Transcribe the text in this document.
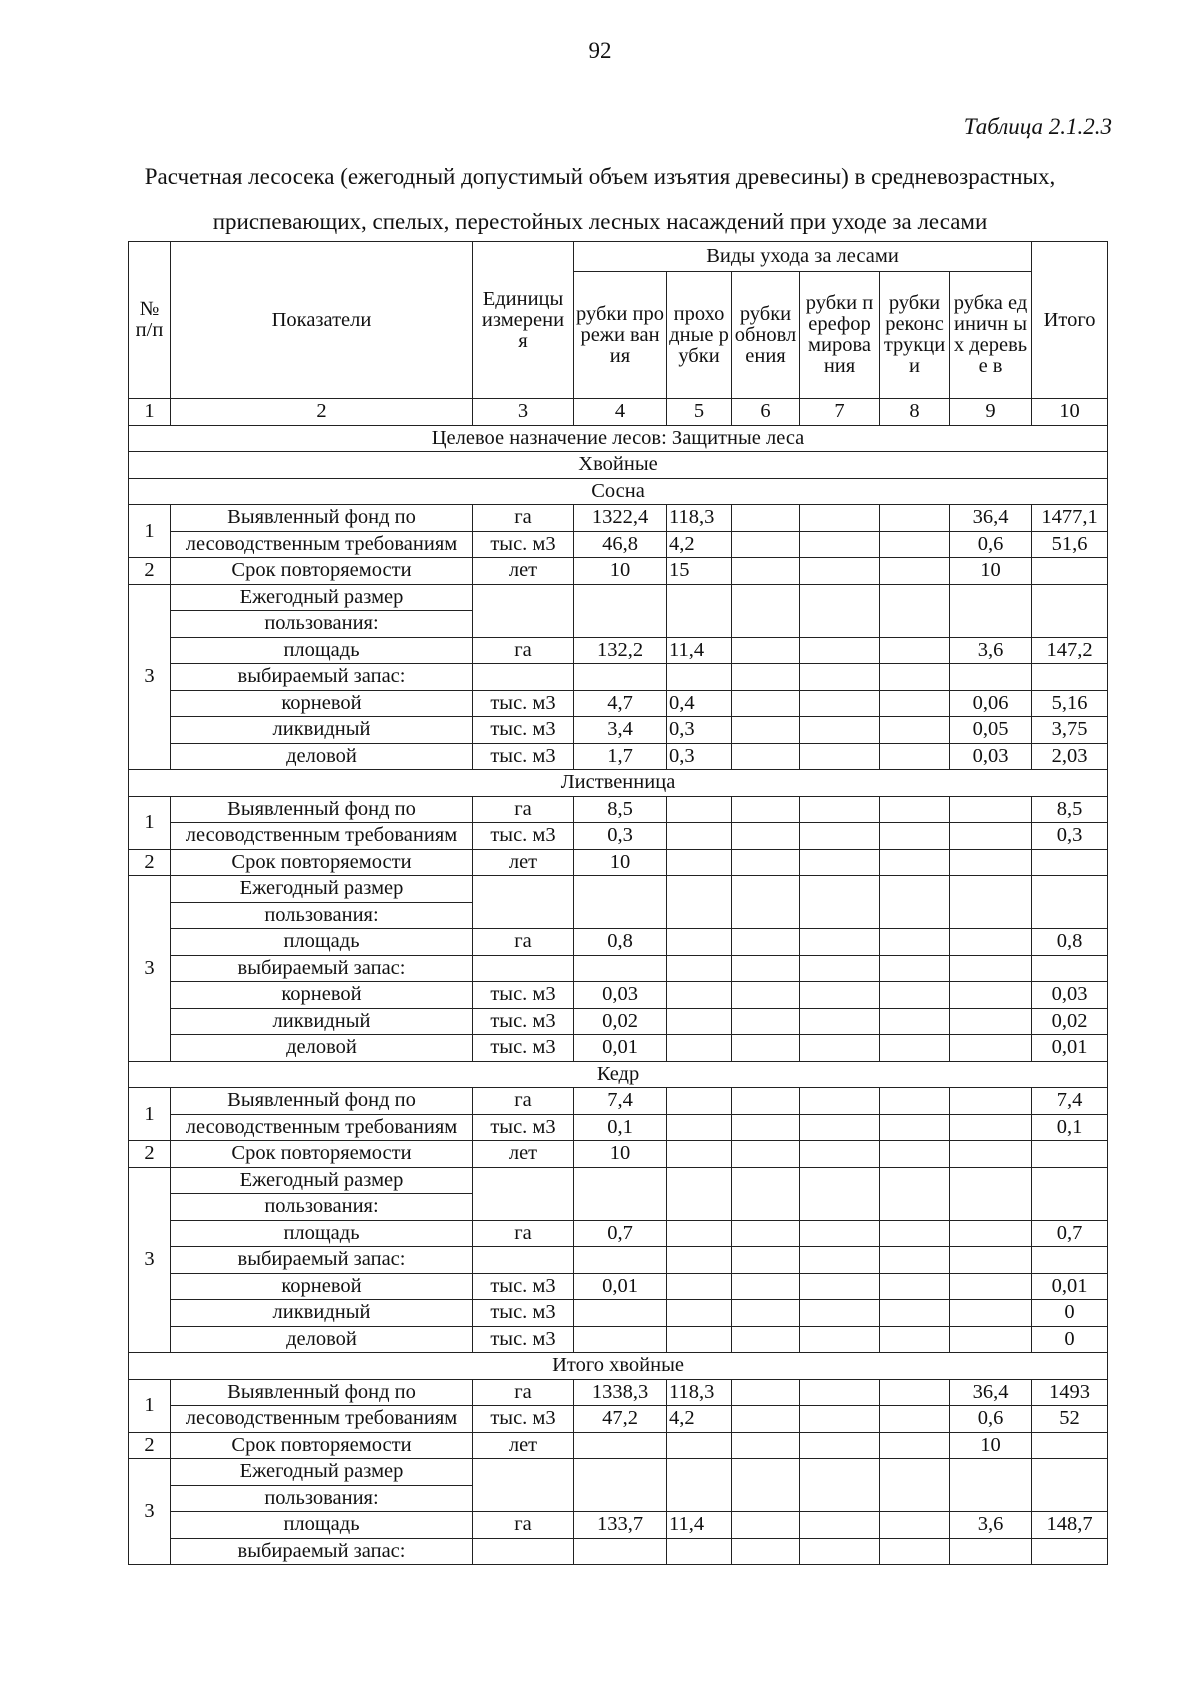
92
Таблица 2.1.2.3
Расчетная лесосека (ежегодный допустимый объем изъятия древесины) в средневозрастных, приспевающих, спелых, перестойных лесных насаждений при уходе за лесами
№ п/п	Показатели	Единицы измерени я	Виды ухода за лесами						Итого
			рубки прорежи вания	прохо дные рубки	рубки обновл ения	рубки перефор мирова ния	рубки реконс трукци и	рубка единичн ых деревье в	
1	2	3	4	5	6	7	8	9	10
Целевое назначение лесов: Защитные леса									
Хвойные									
Сосна									
1	Выявленный фонд по	га	1322,4	118,3				36,4	1477,1
	лесоводственным требованиям	тыс. м3	46,8	4,2				0,6	51,6
2	Срок повторяемости	лет	10	15				10	
3	Ежегодный размер								
	пользования:								
	площадь	га	132,2	11,4				3,6	147,2
	выбираемый запас:								
	корневой	тыс. м3	4,7	0,4				0,06	5,16
	ликвидный	тыс. м3	3,4	0,3				0,05	3,75
	деловой	тыс. м3	1,7	0,3				0,03	2,03
Лиственница									
1	Выявленный фонд по	га	8,5						8,5
	лесоводственным требованиям	тыс. м3	0,3						0,3
2	Срок повторяемости	лет	10						
3	Ежегодный размер								
	пользования:								
	площадь	га	0,8						0,8
	выбираемый запас:								
	корневой	тыс. м3	0,03						0,03
	ликвидный	тыс. м3	0,02						0,02
	деловой	тыс. м3	0,01						0,01
Кедр									
1	Выявленный фонд по	га	7,4						7,4
	лесоводственным требованиям	тыс. м3	0,1						0,1
2	Срок повторяемости	лет	10						
3	Ежегодный размер								
	пользования:								
	площадь	га	0,7						0,7
	выбираемый запас:								
	корневой	тыс. м3	0,01						0,01
	ликвидный	тыс. м3							0
	деловой	тыс. м3							0
Итого хвойные									
1	Выявленный фонд по	га	1338,3	118,3				36,4	1493
	лесоводственным требованиям	тыс. м3	47,2	4,2				0,6	52
2	Срок повторяемости	лет						10	
3	Ежегодный размер								
	пользования:								
	площадь	га	133,7	11,4				3,6	148,7
	выбираемый запас:								
